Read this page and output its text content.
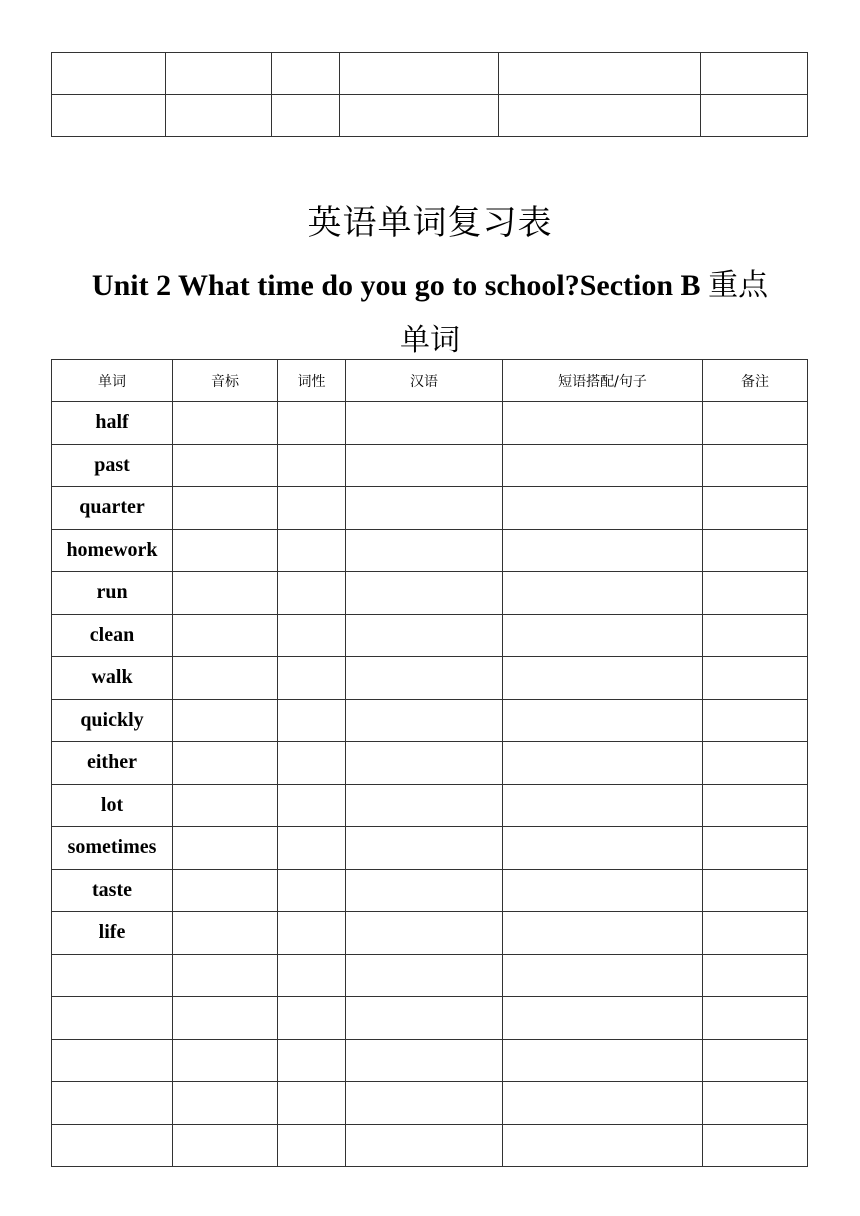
英语单词复习表
Unit 2 What time do you go to school?Section B 重点
单词
单词	音标	词性	汉语	短语搭配/句子	备注
half					
past					
quarter					
homework					
run					
clean					
walk					
quickly					
either					
lot					
sometimes					
taste					
life					
